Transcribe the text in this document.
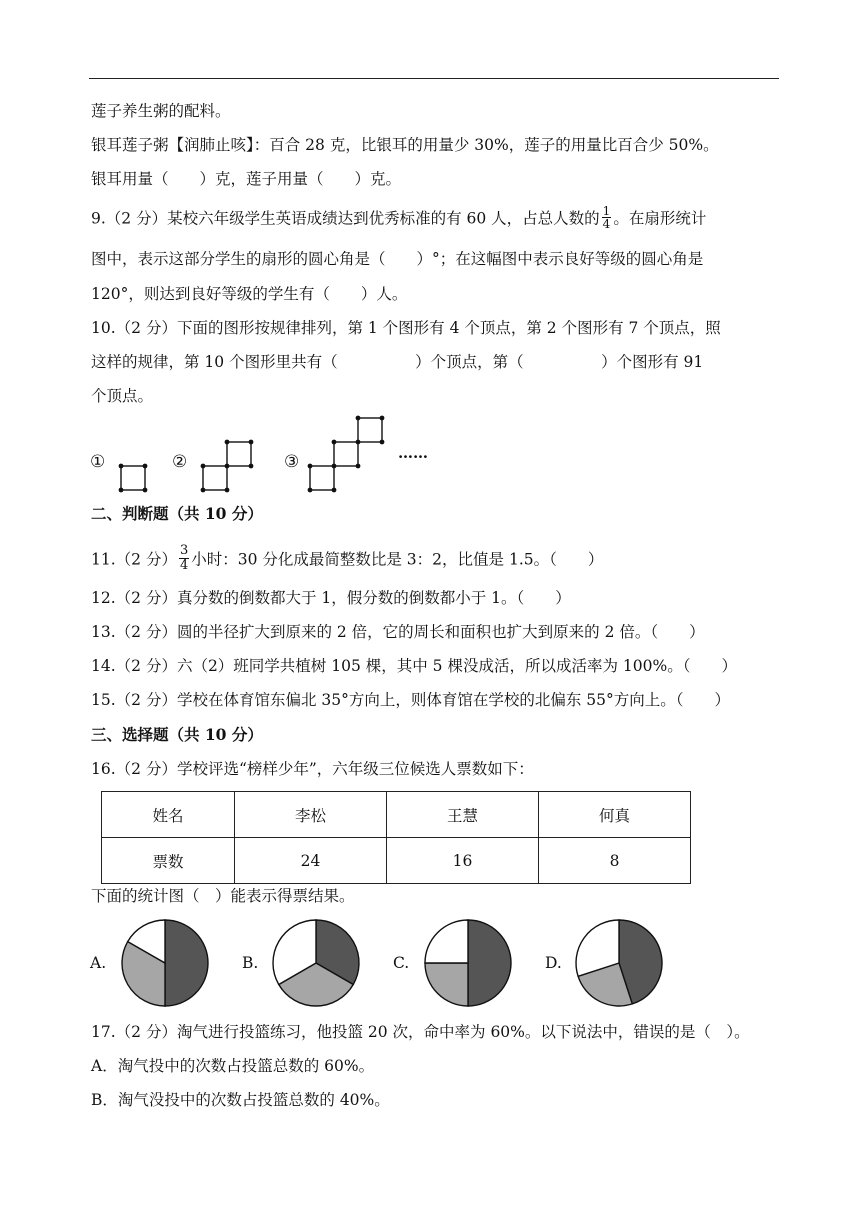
莲子养生粥的配料。
银耳莲子粥【润肺止咳】：百合 28 克，比银耳的用量少 30%，莲子的用量比百合少 50%。
银耳用量（　　）克，莲子用量（　　）克。
9.（2 分）某校六年级学生英语成绩达到优秀标准的有 60 人，占总人数的 $\frac{1}{4}$ 。在扇形统计
图中，表示这部分学生的扇形的圆心角是（　　）°；在这幅图中表示良好等级的圆心角是
120°，则达到良好等级的学生有（　　）人。
10.（2 分）下面的图形按规律排列，第 1 个图形有 4 个顶点，第 2 个图形有 7 个顶点，照
这样的规律，第 10 个图形里共有（　　　　　）个顶点，第（　　　　　）个图形有 91
个顶点。
①	②	③	……
二、判断题（共 10 分）
11.（2 分） $\frac{3}{4}$ 小时：30 分化成最简整数比是 3：2，比值是 1.5。（　　）
12.（2 分）真分数的倒数都大于 1，假分数的倒数都小于 1。（　　）
13.（2 分）圆的半径扩大到原来的 2 倍，它的周长和面积也扩大到原来的 2 倍。（　　）
14.（2 分）六（2）班同学共植树 105 棵，其中 5 棵没成活，所以成活率为 100%。（　　）
15.（2 分）学校在体育馆东偏北 35°方向上，则体育馆在学校的北偏东 55°方向上。（　　）
三、选择题（共 10 分）
16.（2 分）学校评选“榜样少年”，六年级三位候选人票数如下：
姓名	李松	王慧	何真
票数	24	16	8
下面的统计图（　）能表示得票结果。
A.	B.	C.	D.
17.（2 分）淘气进行投篮练习，他投篮 20 次，命中率为 60%。以下说法中，错误的是（　）。
A．淘气投中的次数占投篮总数的 60%。
B．淘气没投中的次数占投篮总数的 40%。
